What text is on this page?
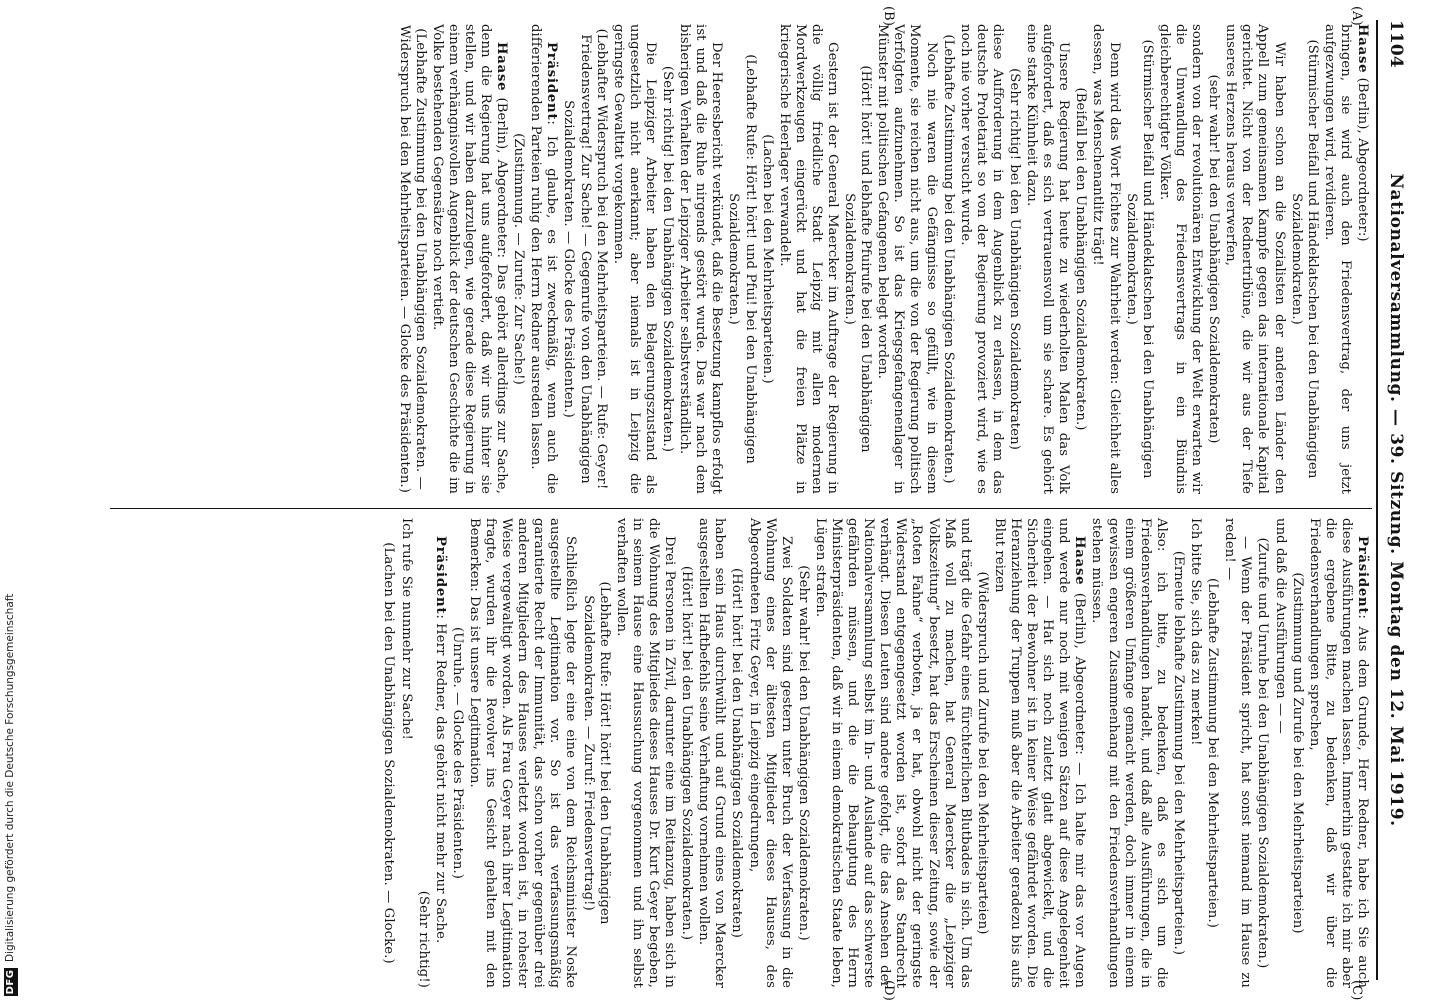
1104
Nationalversammlung. — 39. Sitzung. Montag den 12. Mai 1919.
(A)
(B)
(C)
(D)

Haase (Berlin), Abgeordneter:)

bringen, sie wird auch den Friedensvertrag, der uns jetzt aufgezwungen wird, revidieren.

(Stürmischer Beifall und Händeklatschen bei den Unabhängigen Sozialdemokraten.)

Wir haben schon an die Sozialisten der anderen Länder den Appell zum gemeinsamen Kampfe gegen das internationale Kapital gerichtet. Nicht von der Rednertribüne, die wir aus der Tiefe unseres Herzens heraus verwerfen,

(sehr wahr! bei den Unabhängigen Sozialdemokraten)

sondern von der revolutionären Entwicklung der Welt erwarten wir die Umwandlung des Friedensvertrags in ein Bündnis gleichberechtigter Völker.

(Stürmischer Beifall und Händeklatschen bei den Unabhängigen Sozialdemokraten.)

Denn wird das Wort Fichtes zur Wahrheit werden: Gleichheit alles dessen, was Menschenantlitz trägt!

(Beifall bei den Unabhängigen Sozialdemokraten.)

Unsere Regierung hat heute zu wiederholten Malen das Volk aufgefordert, daß es sich vertrauensvoll um sie schare. Es gehört eine starke Kühnheit dazu.

(Sehr richtig! bei den Unabhängigen Sozialdemokraten)

diese Aufforderung in dem Augenblick zu erlassen, in dem das deutsche Proletariat so von der Regierung provoziert wird, wie es noch nie vorher versucht wurde.

(Lebhafte Zustimmung bei den Unabhängigen Sozialdemokraten.)

Noch nie waren die Gefängnisse so gefüllt, wie in diesem Momente, sie reichen nicht aus, um die von der Regierung politisch Verfolgten aufzunehmen. So ist das Kriegsgefangenenlager in Münster mit politischen Gefangenen belegt worden.

(Hört! hört! und lebhafte Pfuirufe bei den Unabhängigen Sozialdemokraten.)

Gestern ist der General Maercker im Auftrage der Regierung in die völlig friedliche Stadt Leipzig mit allen modernen Mordwerkzeugen eingerückt und hat die freien Plätze in kriegerische Heerlager verwandelt.

(Lachen bei den Mehrheitsparteien.)

(Lebhafte Rufe: Hört! hört! und Pfui! bei den Unabhängigen Sozialdemokraten.)

Der Heeresbericht verkündet, daß die Besetzung kampflos erfolgt ist und daß die Ruhe nirgends gestört wurde. Das war nach dem bisherigen Verhalten der Leipziger Arbeiter selbstverständlich.

(Sehr richtig! bei den Unabhängigen Sozialdemokraten.)

Die Leipziger Arbeiter haben den Belagerungszustand als ungesetzlich nicht anerkannt; aber niemals ist in Leipzig die geringste Gewalttat vorgekommen.

(Lebhafter Widerspruch bei den Mehrheitsparteien. — Rufe: Geyer! Friedensvertrag! Zur Sache! — Gegenrufe von den Unabhängigen Sozialdemokraten. — Glocke des Präsidenten.)

Präsident: Ich glaube, es ist zweckmäßig, wenn auch die differierenden Parteien ruhig den Herrn Redner ausreden lassen.

(Zustimmung. — Zurufe: Zur Sache!)

Haase (Berlin), Abgeordneter: Das gehört allerdings zur Sache, denn die Regierung hat uns aufgefordert, daß wir uns hinter sie stellen, und wir haben darzulegen, wie gerade diese Regierung in einem verhängnisvollen Augenblick der deutschen Geschichte die im Volke bestehenden Gegensätze noch vertieft.

(Lebhafte Zustimmung bei den Unabhängigen Sozialdemokraten. — Widerspruch bei den Mehrheitsparteien. — Glocke des Präsidenten.)

Präsident: Aus dem Grunde, Herr Redner, habe ich Sie auch diese Ausführungen machen lassen. Immerhin gestatte ich mir aber die ergebene Bitte, zu bedenken, daß wir über die Friedensverhandlungen sprechen,

(Zustimmung und Zurufe bei den Mehrheitsparteien)

und daß die Ausführungen — —

(Zurufe und Unruhe bei den Unabhängigen Sozialdemokraten.)

— Wenn der Präsident spricht, hat sonst niemand im Hause zu reden! —

(Lebhafte Zustimmung bei den Mehrheitsparteien.)

Ich bitte Sie, sich das zu merken!

(Erneute lebhafte Zustimmung bei den Mehrheitsparteien.)

Also: ich bitte, zu bedenken, daß es sich um die Friedensverhandlungen handelt, und daß alle Ausführungen, die in einem größeren Umfange gemacht werden, doch immer in einem gewissen engeren Zusammenhang mit den Friedensverhandlungen stehen müssen.

Haase (Berlin), Abgeordneter: — Ich halte mir das vor Augen und werde nur noch mit wenigen Sätzen auf diese Angelegenheit eingehen. — Hat sich noch zuletzt glatt abgewickelt, und die Sicherheit der Bewohner ist in keiner Weise gefährdet worden. Die Heranziehung der Truppen muß aber die Arbeiter geradezu bis aufs Blut reizen

(Widerspruch und Zurufe bei den Mehrheitsparteien)

und trägt die Gefahr eines fürchterlichen Blutbades in sich. Um das Maß voll zu machen, hat General Maercker die „Leipziger Volkszeitung“ besetzt, hat das Erscheinen dieser Zeitung, sowie der „Roten Fahne“ verboten, ja er hat, obwohl nicht der geringste Widerstand entgegengesetzt worden ist, sofort das Standrecht verhängt. Diesen Leuten sind andere gefolgt, die das Ansehen der Nationalversammlung selbst im In- und Auslande auf das schwerste gefährden müssen, und die die Behauptung des Herrn Ministerpräsidenten, daß wir in einem demokratischen Staate leben, Lügen strafen.

(Sehr wahr! bei den Unabhängigen Sozialdemokraten.)

Zwei Soldaten sind gestern unter Bruch der Verfassung in die Wohnung eines der ältesten Mitglieder dieses Hauses, des Abgeordneten Fritz Geyer, in Leipzig eingedrungen,

(Hört! hört! bei den Unabhängigen Sozialdemokraten)

haben sein Haus durchwühlt und auf Grund eines von Maercker ausgestellten Haftbefehls seine Verhaftung vornehmen wollen.

(Hört! hört! bei den Unabhängigen Sozialdemokraten.)

Drei Personen in Zivil, darunter eine im Reitanzug, haben sich in die Wohnung des Mitgliedes dieses Hauses Dr. Kurt Geyer begeben, in seinem Hause eine Haussuchung vorgenommen und ihn selbst verhaften wollen.

(Lebhafte Rufe: Hört! hört! bei den Unabhängigen Sozialdemokraten. — Zuruf: Friedensvertrag!)

Schließlich legte der eine eine von dem Reichsminister Noske ausgestellte Legitimation vor. So ist das verfassungsmäßig garantierte Recht der Immunität, das schon vorher gegenüber drei anderen Mitgliedern des Hauses verletzt worden ist, in rohester Weise vergewaltigt worden. Als Frau Geyer nach ihrer Legitimation fragte, wurden ihr die Revolver ins Gesicht gehalten mit den Bemerken: Das ist unsere Legitimation.

(Unruhe. — Glocke des Präsidenten.)

Präsident: Herr Redner, das gehört nicht mehr zur Sache.

(Sehr richtig!)

Ich rufe Sie nunmehr zur Sache!

(Lachen bei den Unabhängigen Sozialdemokraten. — Glocke.)

Digitalisierung gefördert durch die Deutsche Forschungsgemeinschaft
DFG
